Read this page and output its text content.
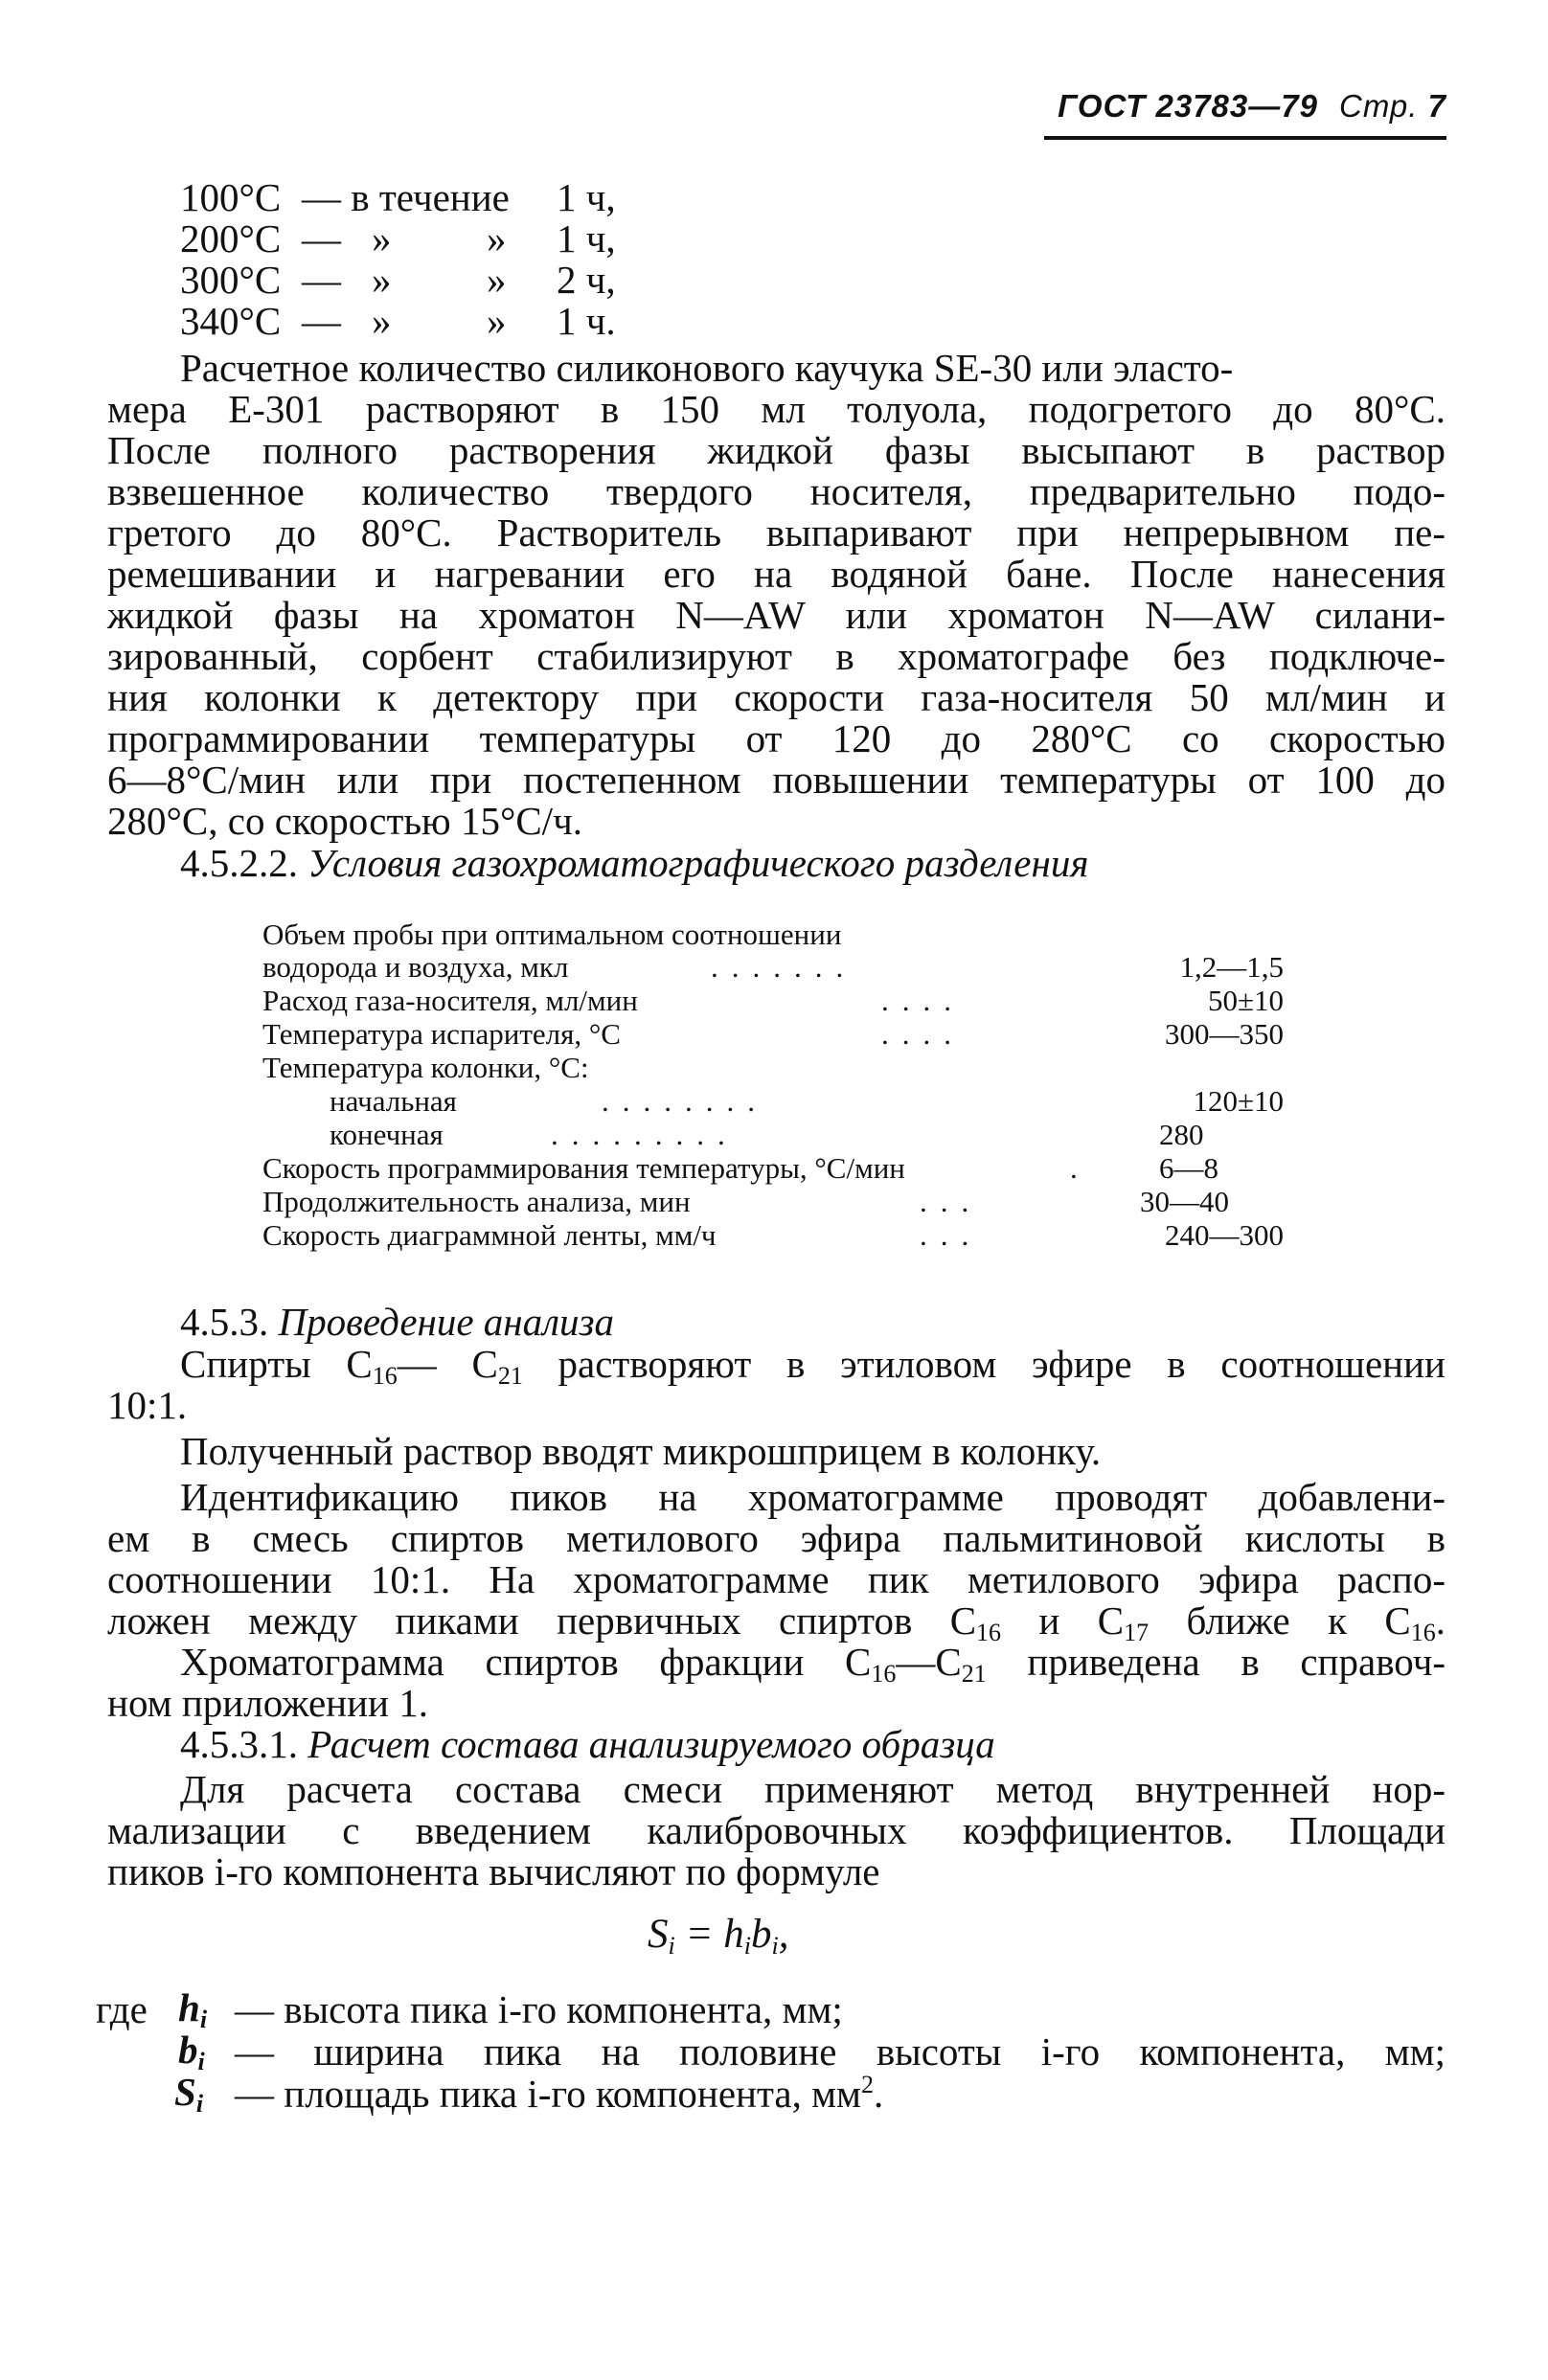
ГОСТ 23783—79 Стр. 7
100°C — в течение 1 ч,
200°C — » » 1 ч,
300°C — » » 2 ч,
340°C — » » 1 ч.
Расчетное количество силиконового каучука SE-30 или эласто-
мера Е-301 растворяют в 150 мл толуола, подогретого до 80°С.
После полного растворения жидкой фазы высыпают в раствор
взвешенное количество твердого носителя, предварительно подо-
гретого до 80°С. Растворитель выпаривают при непрерывном пе-
ремешивании и нагревании его на водяной бане. После нанесения
жидкой фазы на хроматон N—AW или хроматон N—AW силани-
зированный, сорбент стабилизируют в хроматографе без подключе-
ния колонки к детектору при скорости газа-носителя 50 мл/мин и
программировании температуры от 120 до 280°С со скоростью
6—8°С/мин или при постепенном повышении температуры от 100 до
280°С, со скоростью 15°С/ч.
4.5.2.2. Условия газохроматографического разделения
Объем пробы при оптимальном соотношении
водорода и воздуха, мкл	.......	1,2—1,5
Расход газа-носителя, мл/мин	....	50±10
Температура испарителя, °С	....	300—350
Температура колонки, °С:
начальная	........	120±10
конечная	.........	280
Скорость программирования температуры, °С/мин	.	6—8
Продолжительность анализа, мин	...	30—40
Скорость диаграммной ленты, мм/ч	...	240—300
4.5.3. Проведение анализа
Спирты $С_{16}—$ $С_{21}$ растворяют в этиловом эфире в соотношении
10:1.
Полученный раствор вводят микрошприцем в колонку.
Идентификацию пиков на хроматограмме проводят добавлени-
ем в смесь спиртов метилового эфира пальмитиновой кислоты в
соотношении 10:1. На хроматограмме пик метилового эфира распо-
ложен между пиками первичных спиртов $С_{16}$ и $С_{17}$ ближе к $С_{16}$.
Хроматограмма спиртов фракции $С_{16}—С_{21}$ приведена в справоч-
ном приложении 1.
4.5.3.1. Расчет состава анализируемого образца
Для расчета состава смеси применяют метод внутренней нор-
мализации с введением калибровочных коэффициентов. Площади
пиков i-го компонента вычисляют по формуле
$S_i = h_ib_i$,
где $h_i$ — высота пика i-го компонента, мм;
$b_i$ — ширина пика на половине высоты i-го компонента, мм;
$S_i$ — площадь пика i-го компонента, $мм^2$.
